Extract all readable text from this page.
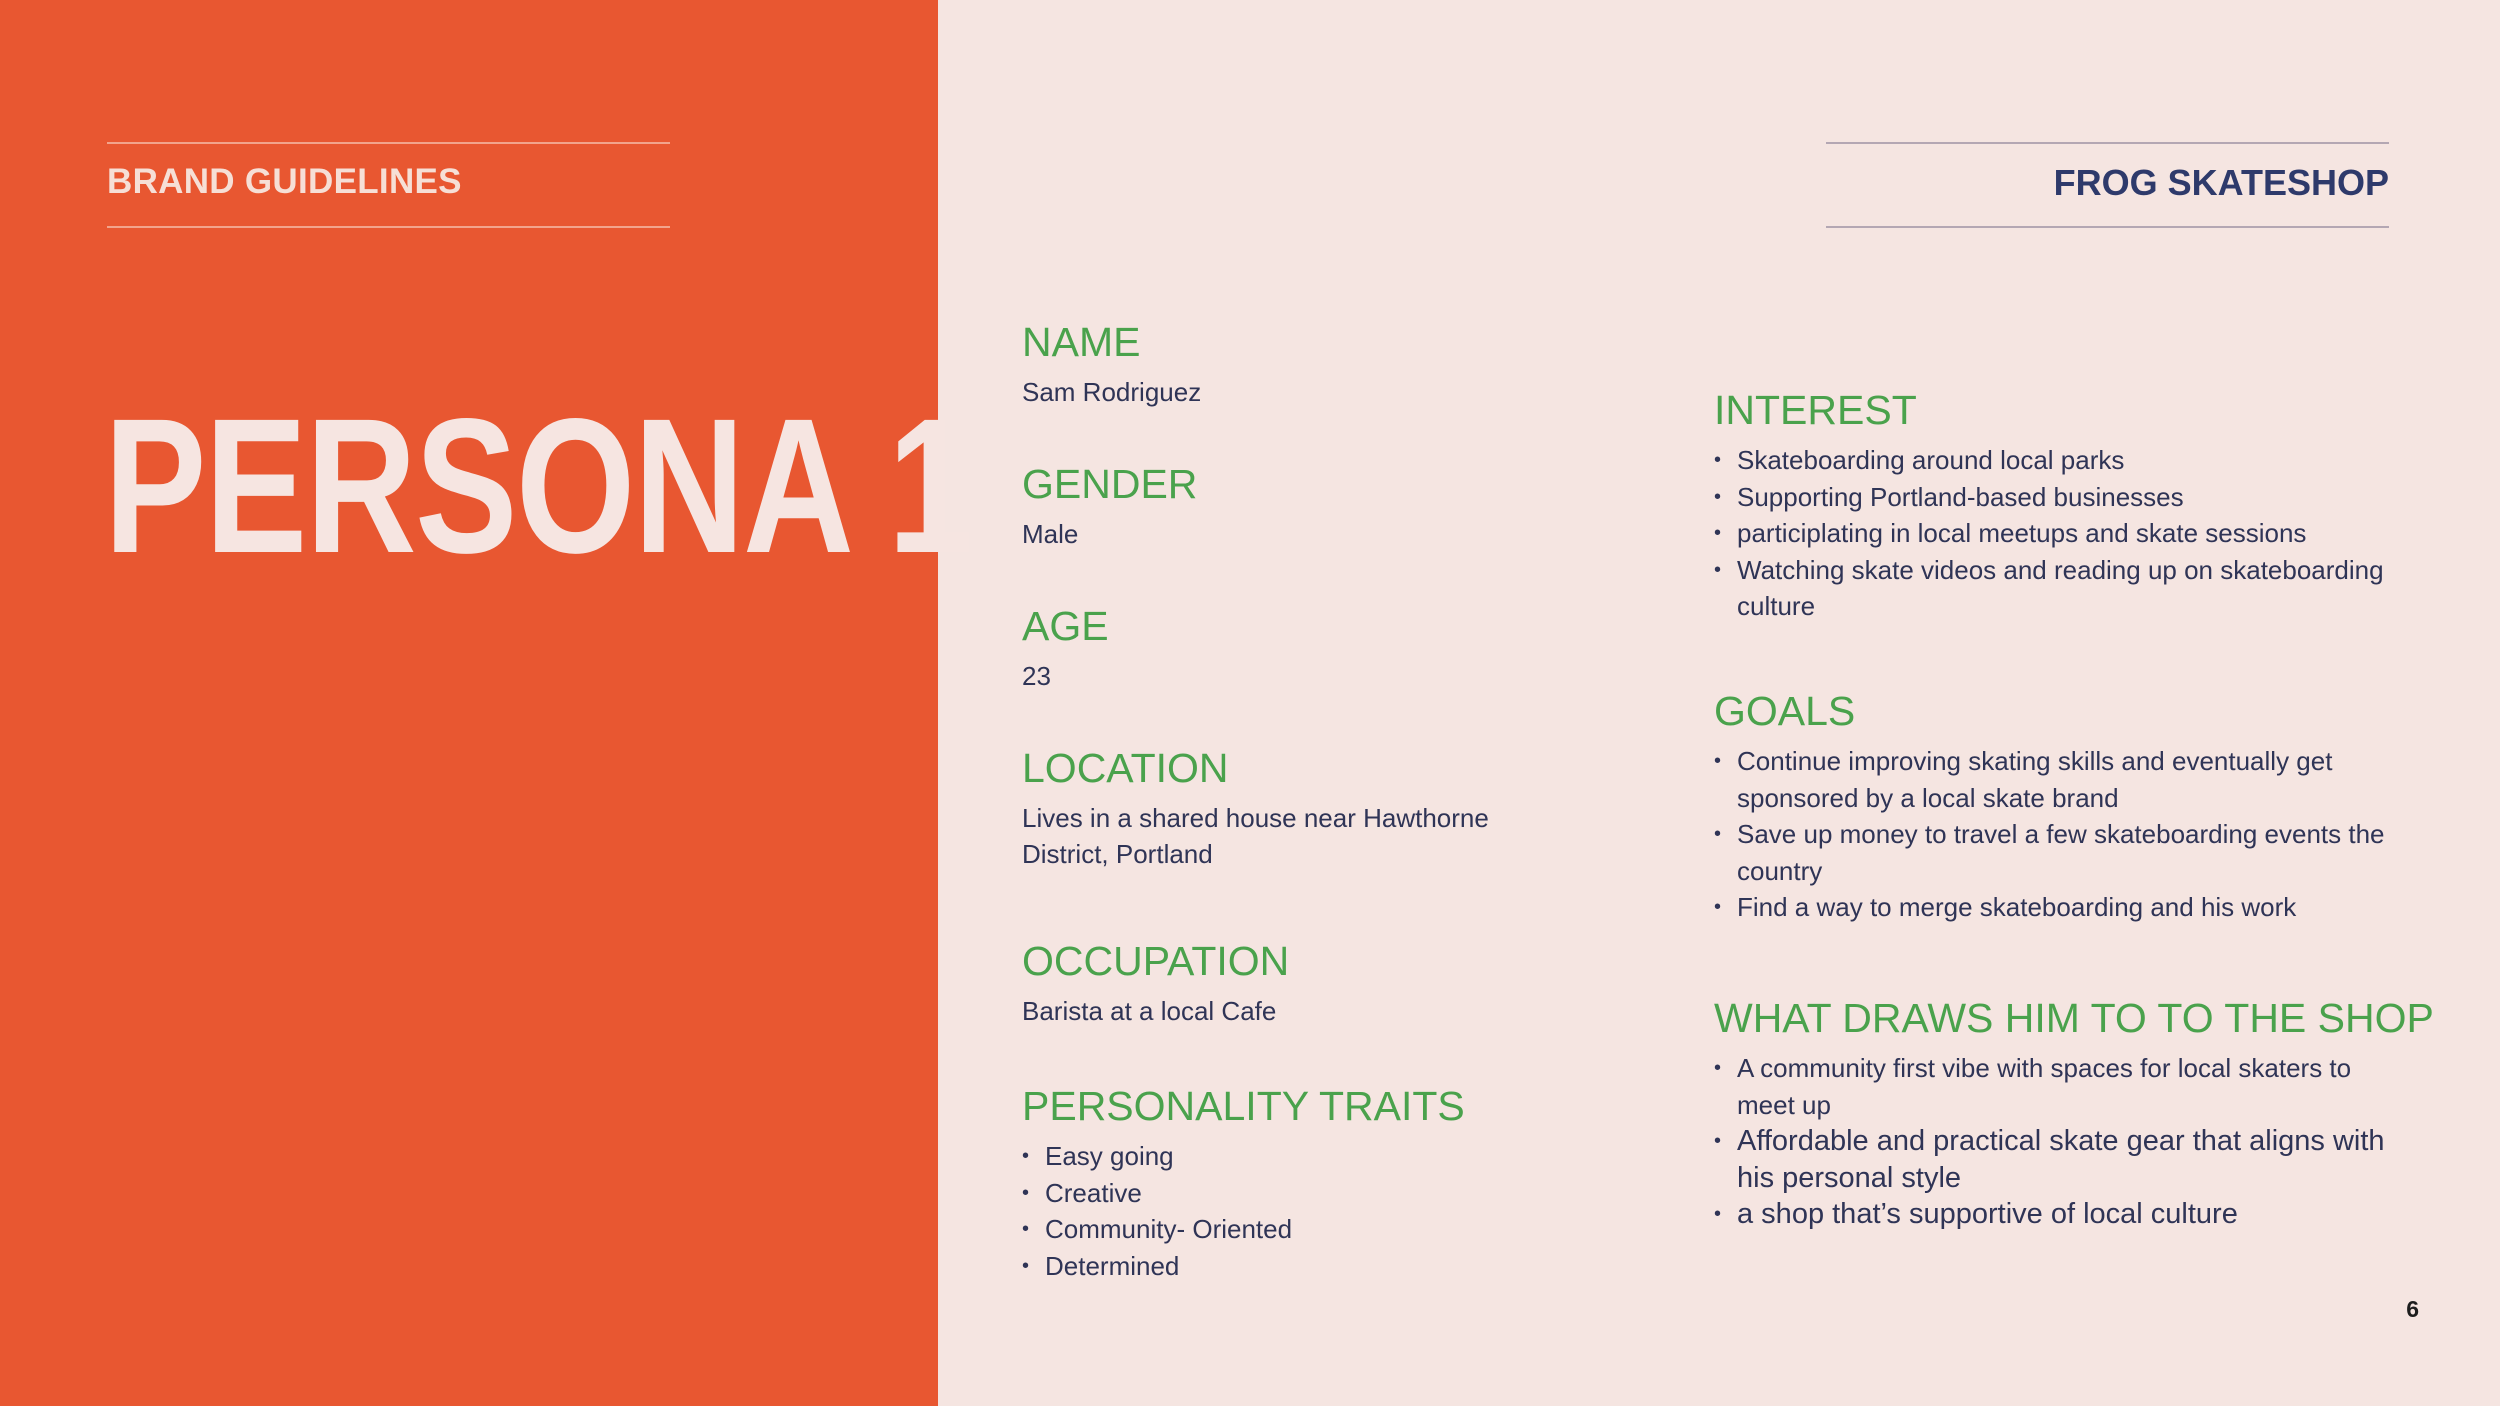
BRAND GUIDELINES
PERSONA 1
FROG SKATESHOP
NAME
Sam Rodriguez
GENDER
Male
AGE
23
LOCATION
Lives in a shared house near Hawthorne
District, Portland
OCCUPATION
Barista at a local Cafe
PERSONALITY TRAITS
• Easy going
• Creative
• Community- Oriented
• Determined
INTEREST
• Skateboarding around local parks
• Supporting Portland-based businesses
• participlating in local meetups and skate sessions
• Watching skate videos and reading up on skateboarding culture
GOALS
• Continue improving skating skills and eventually get sponsored by a local skate brand
• Save up money to travel a few skateboarding events the country
• Find a way to merge skateboarding and his work
WHAT DRAWS HIM TO TO THE SHOP
• A community first vibe with spaces for local skaters to meet up
• Affordable and practical skate gear that aligns with his personal style
• a shop that’s supportive of local culture
6
